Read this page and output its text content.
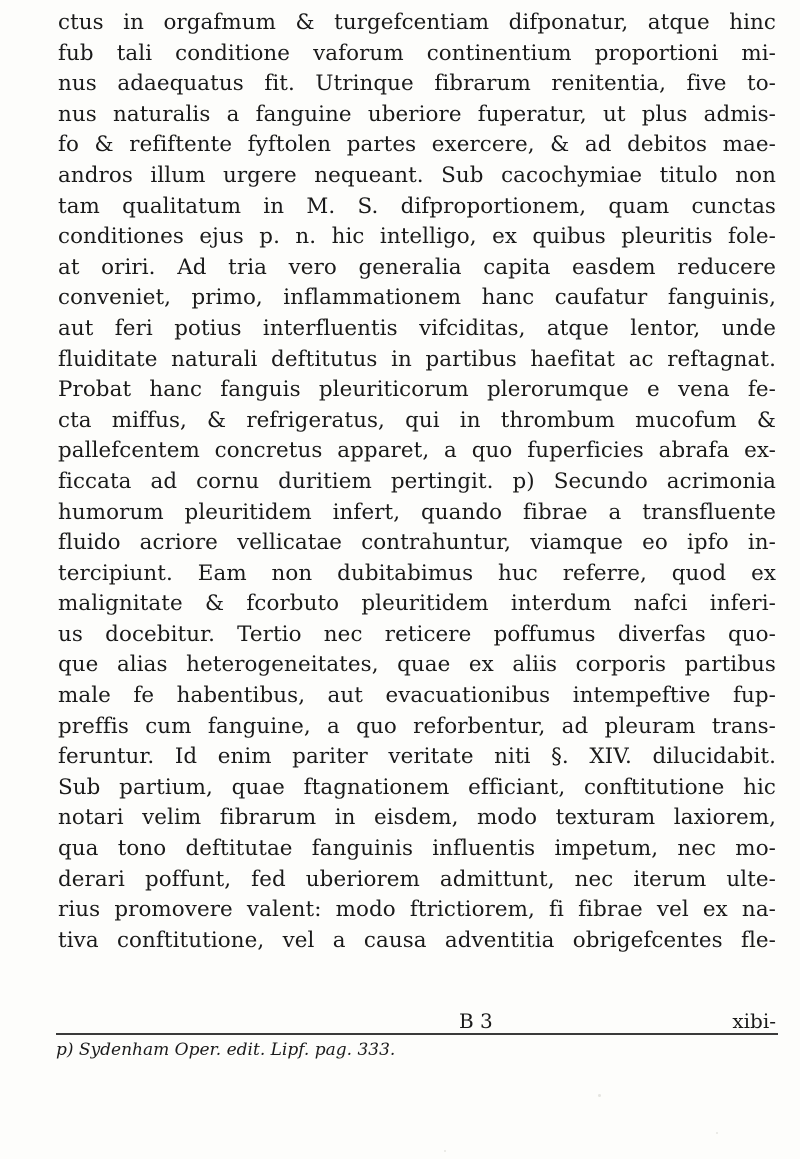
ctus in orgafmum & turgefcentiam difponatur, atque hinc
fub tali conditione vaforum continentium proportioni mi-
nus adaequatus fit. Utrinque fibrarum renitentia, five to-
nus naturalis a fanguine uberiore fuperatur, ut plus admis-
fo & refiftente fyftolen partes exercere, & ad debitos mae-
andros illum urgere nequeant. Sub cacochymiae titulo non
tam qualitatum in M. S. difproportionem, quam cunctas
conditiones ejus p. n. hic intelligo, ex quibus pleuritis fole-
at oriri. Ad tria vero generalia capita easdem reducere
conveniet, primo, inflammationem hanc caufatur fanguinis,
aut feri potius interfluentis vifciditas, atque lentor, unde
fluiditate naturali deftitutus in partibus haefitat ac reftagnat.
Probat hanc fanguis pleuriticorum plerorumque e vena fe-
cta miffus, & refrigeratus, qui in thrombum mucofum &
pallefcentem concretus apparet, a quo fuperficies abrafa ex-
ficcata ad cornu duritiem pertingit. p) Secundo acrimonia
humorum pleuritidem infert, quando fibrae a transfluente
fluido acriore vellicatae contrahuntur, viamque eo ipfo in-
tercipiunt. Eam non dubitabimus huc referre, quod ex
malignitate & fcorbuto pleuritidem interdum nafci inferi-
us docebitur. Tertio nec reticere poffumus diverfas quo-
que alias heterogeneitates, quae ex aliis corporis partibus
male fe habentibus, aut evacuationibus intempeftive fup-
preffis cum fanguine, a quo reforbentur, ad pleuram trans-
feruntur. Id enim pariter veritate niti §. XIV. dilucidabit.
Sub partium, quae ftagnationem efficiant, conftitutione hic
notari velim fibrarum in eisdem, modo texturam laxiorem,
qua tono deftitutae fanguinis influentis impetum, nec mo-
derari poffunt, fed uberiorem admittunt, nec iterum ulte-
rius promovere valent: modo ftrictiorem, fi fibrae vel ex na-
tiva conftitutione, vel a causa adventitia obrigefcentes fle-
B 3	xibi-
p) Sydenham Oper. edit. Lipf. pag. 333.
